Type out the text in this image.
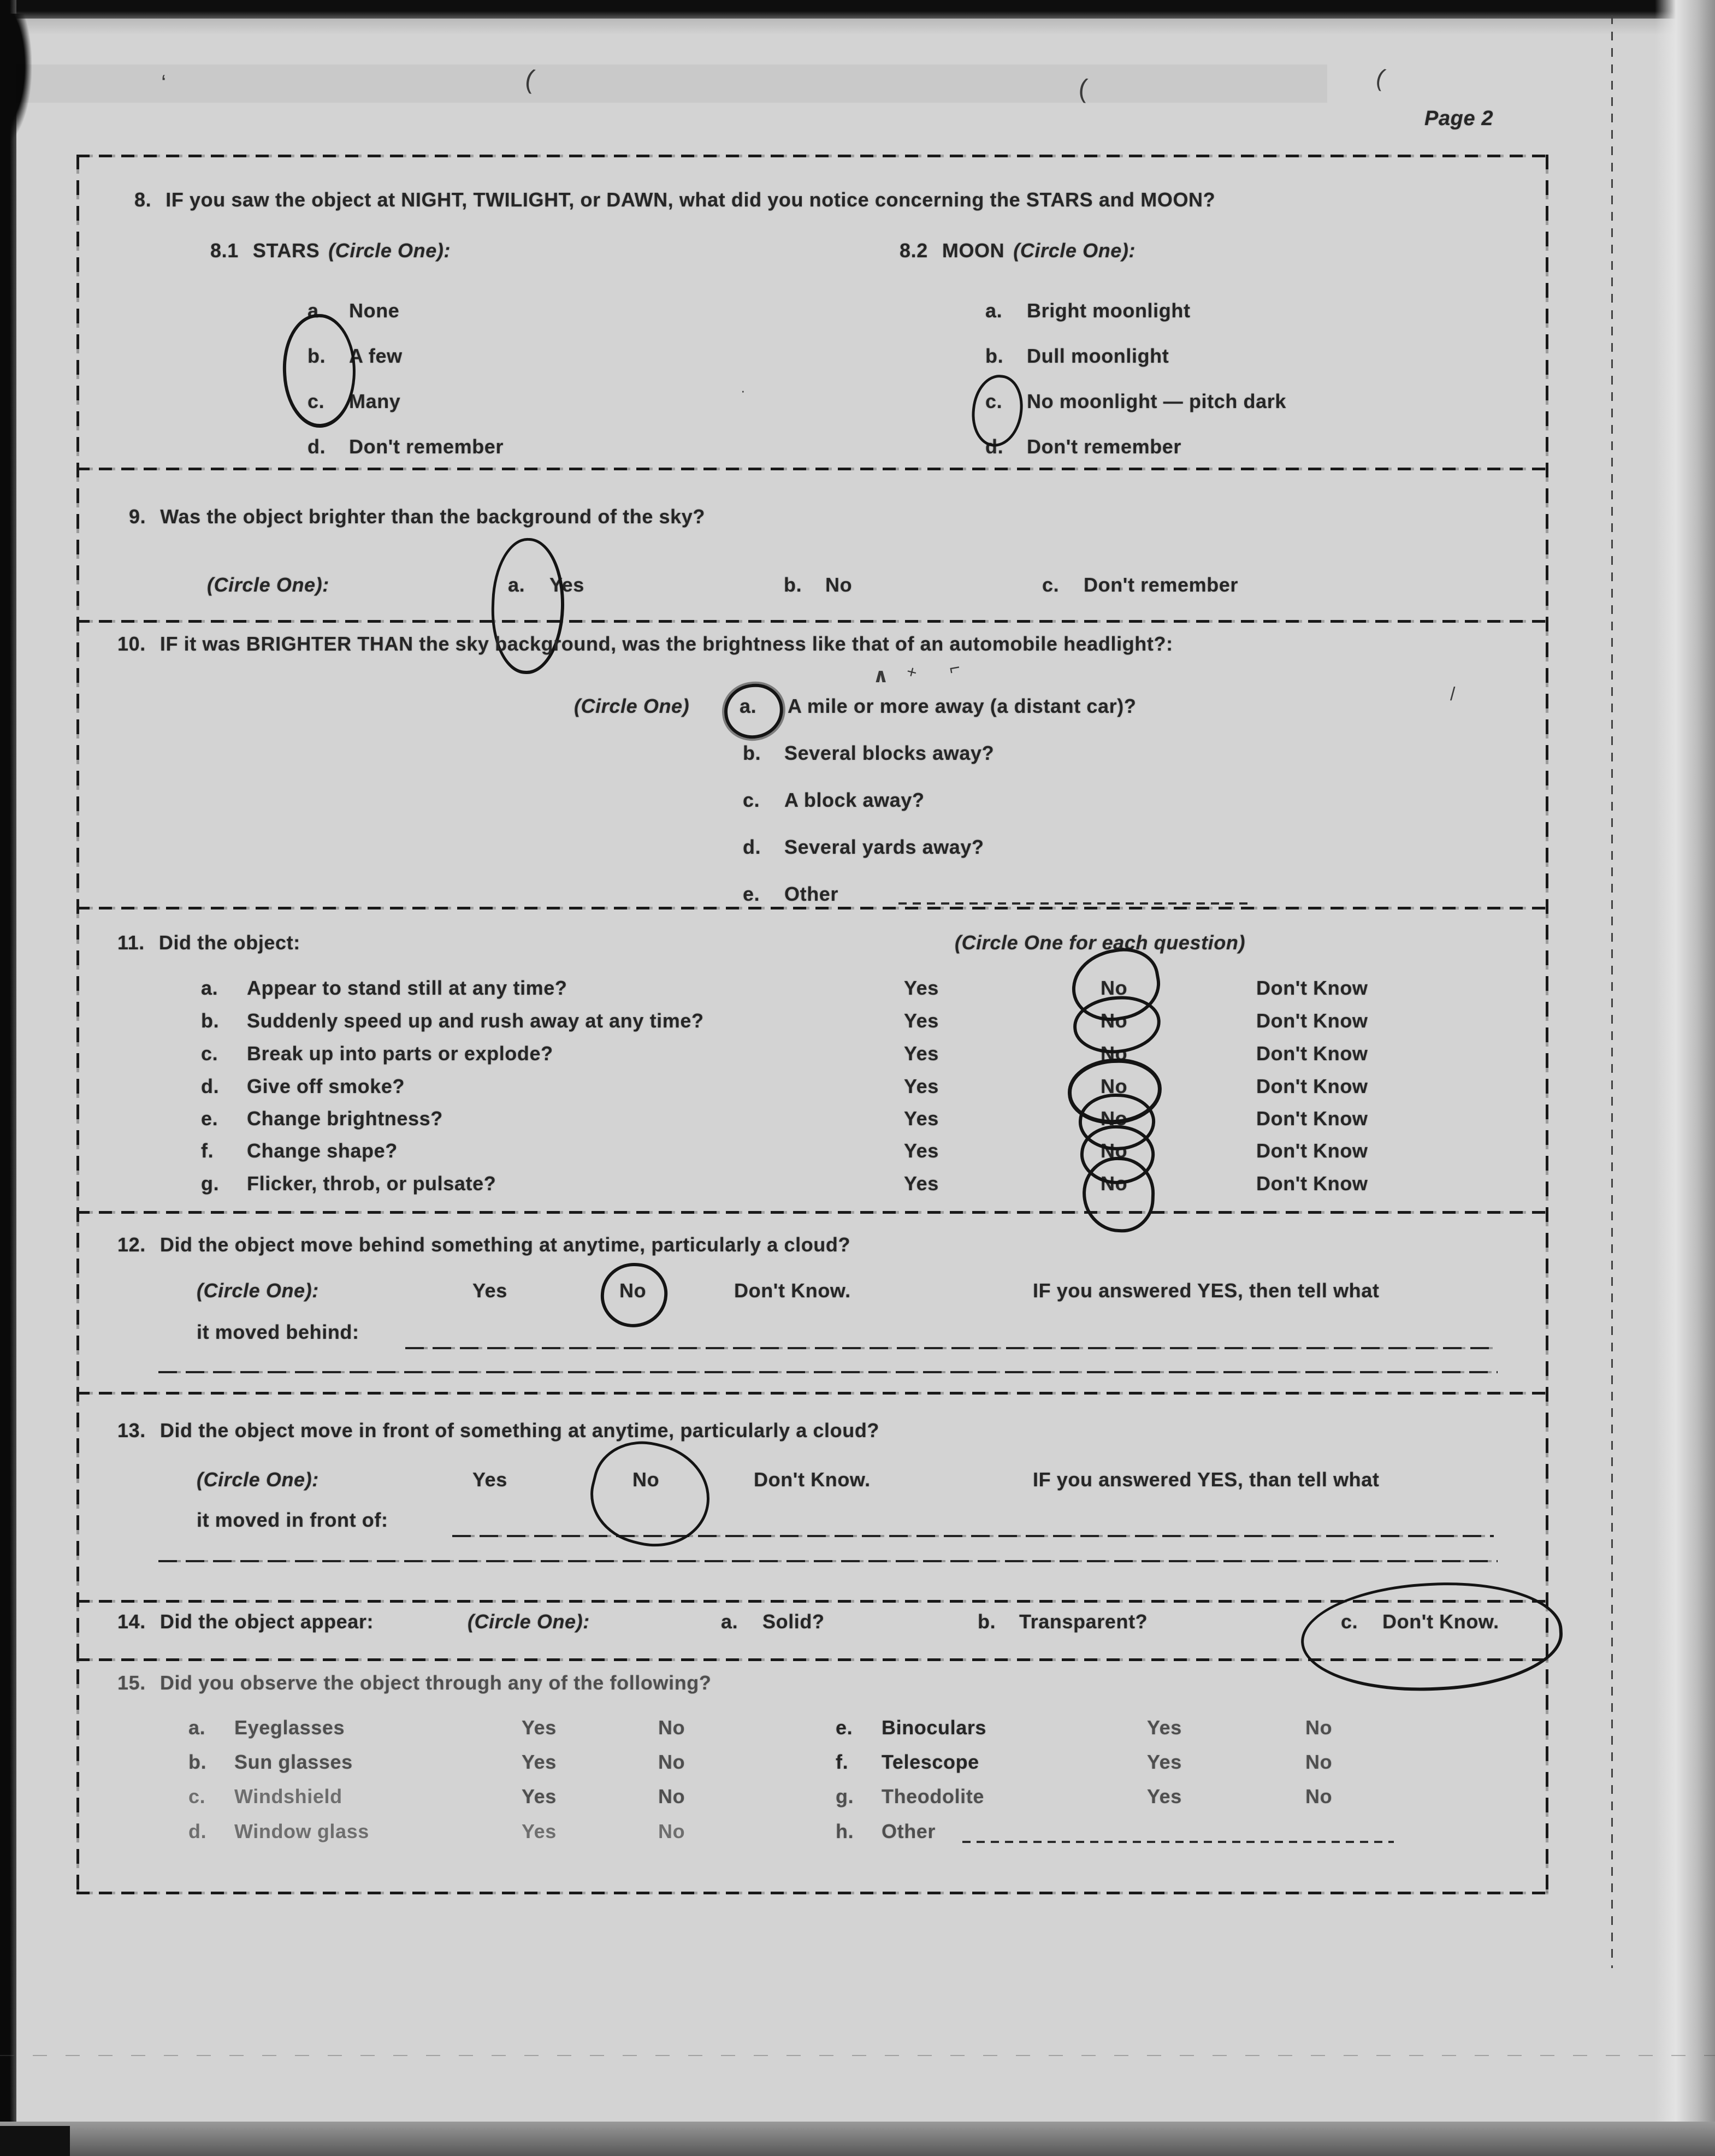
‘	(	(	(
/
·
Page 2
8. IF you saw the object at NIGHT, TWILIGHT, or DAWN, what did you notice concerning the STARS and MOON?
8.1 STARS (Circle One):	8.2 MOON (Circle One):
a. None
b. A few
c. Many
d. Don't remember
a. Bright moonlight
b. Dull moonlight
c. No moonlight — pitch dark
d. Don't remember
9. Was the object brighter than the background of the sky?
(Circle One):	a. Yes	b. No	c. Don't remember
10. IF it was BRIGHTER THAN the sky background, was the brightness like that of an automobile headlight?:
(Circle One)	a. A mile or more away (a distant car)?
b. Several blocks away?
c. A block away?
d. Several yards away?
e. Other
∧ + ⌐
11. Did the object:	(Circle One for each question)
a. Appear to stand still at any time?	Yes	No	Don't Know
b. Suddenly speed up and rush away at any time?	Yes	No	Don't Know
c. Break up into parts or explode?	Yes	No	Don't Know
d. Give off smoke?	Yes	No	Don't Know
e. Change brightness?	Yes	No	Don't Know
f. Change shape?	Yes	No	Don't Know
g. Flicker, throb, or pulsate?	Yes	No	Don't Know
12. Did the object move behind something at anytime, particularly a cloud?
(Circle One):	Yes	No	Don't Know.	IF you answered YES, then tell what
it moved behind:
13. Did the object move in front of something at anytime, particularly a cloud?
(Circle One):	Yes	No	Don't Know.	IF you answered YES, than tell what
it moved in front of:
14. Did the object appear:	(Circle One):	a. Solid?	b. Transparent?	c. Don't Know.
15. Did you observe the object through any of the following?
a. Eyeglasses	Yes	No	e. Binoculars	Yes	No
b. Sun glasses	Yes	No	f. Telescope	Yes	No
c. Windshield	Yes	No	g. Theodolite	Yes	No
d. Window glass	Yes	No	h. Other
